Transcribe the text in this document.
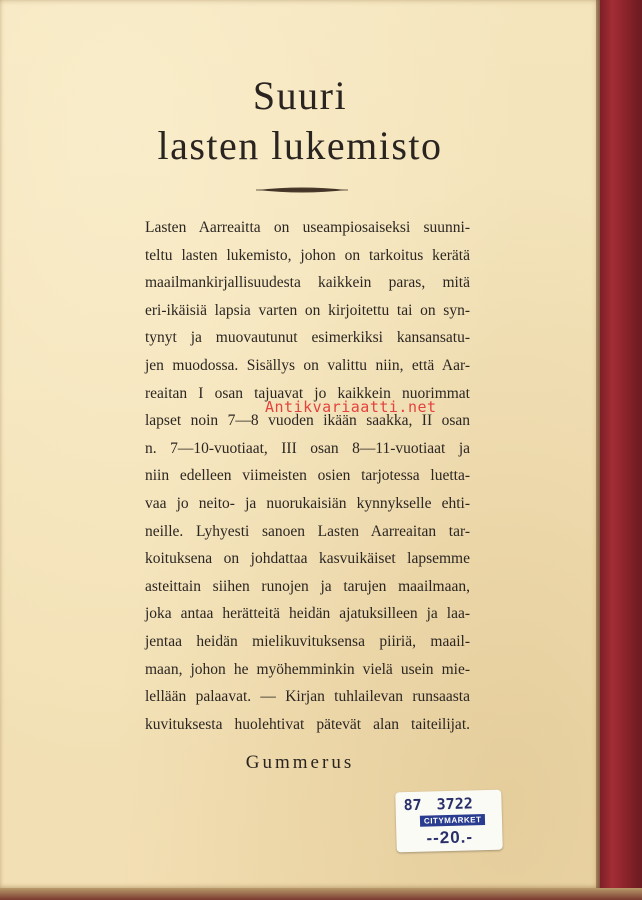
Suuri
lasten lukemisto
Lasten Aarreaitta on useampiosaiseksi suunni-
teltu lasten lukemisto, johon on tarkoitus kerätä
maailmankirjallisuudesta kaikkein paras, mitä
eri-ikäisiä lapsia varten on kirjoitettu tai on syn-
tynyt ja muovautunut esimerkiksi kansansatu-
jen muodossa. Sisällys on valittu niin, että Aar-
reaitan I osan tajuavat jo kaikkein nuorimmat
lapset noin 7—8 vuoden ikään saakka, II osan
n. 7—10-vuotiaat, III osan 8—11-vuotiaat ja
niin edelleen viimeisten osien tarjotessa luetta-
vaa jo neito- ja nuorukaisiän kynnykselle ehti-
neille. Lyhyesti sanoen Lasten Aarreaitan tar-
koituksena on johdattaa kasvuikäiset lapsemme
asteittain siihen runojen ja tarujen maailmaan,
joka antaa herätteitä heidän ajatuksilleen ja laa-
jentaa heidän mielikuvituksensa piiriä, maail-
maan, johon he myöhemminkin vielä usein mie-
lellään palaavat. — Kirjan tuhlailevan runsaasta
kuvituksesta huolehtivat pätevät alan taiteilijat.
Antikvariaatti.net
Gummerus
87 3722
CITYMARKET
--20.-
